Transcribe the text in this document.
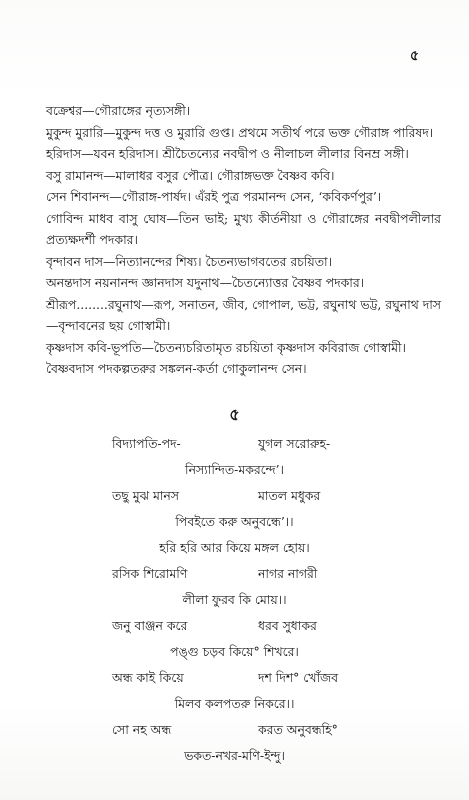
৫

বক্রেশ্বর—গৌরাঙ্গের নৃত্যসঙ্গী।

মুকুন্দ মুরারি—মুকুন্দ দত্ত ও মুরারি গুপ্ত। প্রথমে সতীর্থ পরে ভক্ত গৌরাঙ্গ পারিষদ।

হরিদাস—যবন হরিদাস। শ্রীচৈতন্যের নবদ্বীপ ও নীলাচল লীলার বিনম্র সঙ্গী।

বসু রামানন্দ—মালাধর বসুর পৌত্র। গৌরাঙ্গভক্ত বৈষ্ণব কবি।

সেন শিবানন্দ—গৌরাঙ্গ-পার্ষদ। এঁরই পুত্র পরমানন্দ সেন, ‘কবিকর্ণপুর’।

গোবিন্দ মাধব বাসু ঘোষ—তিন ভাই; মুখ্য কীর্তনীয়া ও গৌরাঙ্গের নবদ্বীপলীলার প্রত্যক্ষদর্শী পদকার।

বৃন্দাবন দাস—নিত্যানন্দের শিষ্য। চৈতন্যভাগবতের রচয়িতা।

অনন্তদাস নয়নানন্দ জ্ঞানদাস যদুনাথ—চৈতন্যোত্তর বৈষ্ণব পদকার।

শ্রীরূপ........রঘুনাথ—রূপ, সনাতন, জীব, গোপাল, ভট্ট, রঘুনাথ ভট্ট, রঘুনাথ দাস—বৃন্দাবনের ছয় গোস্বামী।

কৃষ্ণদাস কবি-ভূপতি—চৈতন্যচরিতামৃত রচয়িতা কৃষ্ণদাস কবিরাজ গোস্বামী।

বৈষ্ণবদাস পদকল্পতরুর সঙ্কলন-কর্তা গোকুলানন্দ সেন।

৫
বিদ্যাপতি-পদ-	যুগল সরোরুহ-
নিস্যান্দিত-মকরন্দে’।
তছু মুঝ মানস	মাতল মধুকর
পিবইতে করু অনুবন্ধে’।।
হরি হরি আর কিয়ে মঙ্গল হোয়।
রসিক শিরোমণি	নাগর নাগরী
লীলা ফুরব কি মোয়।।
জনু বাঞ্জন করে	ধরব সুধাকর
পঙ্গু চড়ব কিয়ে° শিখরে।
অন্ধ কাই কিয়ে	দশ দিশ° খোঁজব
মিলব কলপতরু নিকরে।।
সো নহ অন্ধ	করত অনুবন্ধহি°
ভকত-নখর-মণি-ইন্দু।
